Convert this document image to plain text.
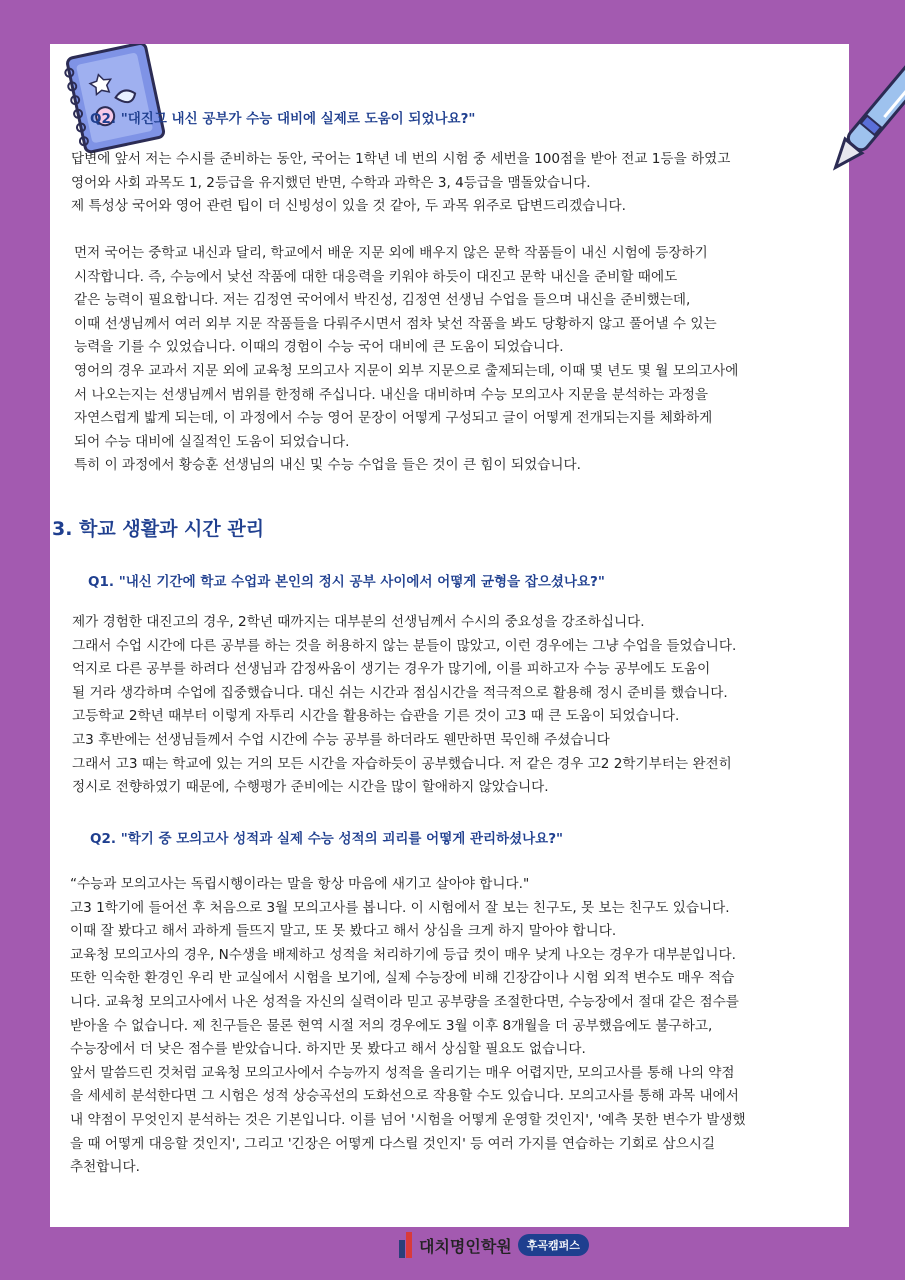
Q2. "대진고 내신 공부가 수능 대비에 실제로 도움이 되었나요?"
답변에 앞서 저는 수시를 준비하는 동안, 국어는 1학년 네 번의 시험 중 세번을 100점을 받아 전교 1등을 하였고
영어와 사회 과목도 1, 2등급을 유지했던 반면, 수학과 과학은 3, 4등급을 맴돌았습니다.
제 특성상 국어와 영어 관련 팁이 더 신빙성이 있을 것 같아, 두 과목 위주로 답변드리겠습니다.
먼저 국어는 중학교 내신과 달리, 학교에서 배운 지문 외에 배우지 않은 문학 작품들이 내신 시험에 등장하기
시작합니다. 즉, 수능에서 낯선 작품에 대한 대응력을 키워야 하듯이 대진고 문학 내신을 준비할 때에도
같은 능력이 필요합니다. 저는 김정연 국어에서 박진성, 김정연 선생님 수업을 들으며 내신을 준비했는데,
이때 선생님께서 여러 외부 지문 작품들을 다뤄주시면서 점차 낯선 작품을 봐도 당황하지 않고 풀어낼 수 있는
능력을 기를 수 있었습니다. 이때의 경험이 수능 국어 대비에 큰 도움이 되었습니다.
영어의 경우 교과서 지문 외에 교육청 모의고사 지문이 외부 지문으로 출제되는데, 이때 몇 년도 몇 월 모의고사에
서 나오는지는 선생님께서 범위를 한정해 주십니다. 내신을 대비하며 수능 모의고사 지문을 분석하는 과정을
자연스럽게 밟게 되는데, 이 과정에서 수능 영어 문장이 어떻게 구성되고 글이 어떻게 전개되는지를 체화하게
되어 수능 대비에 실질적인 도움이 되었습니다.
특히 이 과정에서 황승훈 선생님의 내신 및 수능 수업을 들은 것이 큰 힘이 되었습니다.
3. 학교 생활과 시간 관리
Q1. "내신 기간에 학교 수업과 본인의 정시 공부 사이에서 어떻게 균형을 잡으셨나요?"
제가 경험한 대진고의 경우, 2학년 때까지는 대부분의 선생님께서 수시의 중요성을 강조하십니다.
그래서 수업 시간에 다른 공부를 하는 것을 허용하지 않는 분들이 많았고, 이런 경우에는 그냥 수업을 들었습니다.
억지로 다른 공부를 하려다 선생님과 감정싸움이 생기는 경우가 많기에, 이를 피하고자 수능 공부에도 도움이
될 거라 생각하며 수업에 집중했습니다. 대신 쉬는 시간과 점심시간을 적극적으로 활용해 정시 준비를 했습니다.
고등학교 2학년 때부터 이렇게 자투리 시간을 활용하는 습관을 기른 것이 고3 때 큰 도움이 되었습니다.
고3 후반에는 선생님들께서 수업 시간에 수능 공부를 하더라도 웬만하면 묵인해 주셨습니다
그래서 고3 때는 학교에 있는 거의 모든 시간을 자습하듯이 공부했습니다. 저 같은 경우 고2 2학기부터는 완전히
정시로 전향하였기 때문에, 수행평가 준비에는 시간을 많이 할애하지 않았습니다.
Q2. "학기 중 모의고사 성적과 실제 수능 성적의 괴리를 어떻게 관리하셨나요?"
“수능과 모의고사는 독립시행이라는 말을 항상 마음에 새기고 살아야 합니다."
고3 1학기에 들어선 후 처음으로 3월 모의고사를 봅니다. 이 시험에서 잘 보는 친구도, 못 보는 친구도 있습니다.
이때 잘 봤다고 해서 과하게 들뜨지 말고, 또 못 봤다고 해서 상심을 크게 하지 말아야 합니다.
교육청 모의고사의 경우, N수생을 배제하고 성적을 처리하기에 등급 컷이 매우 낮게 나오는 경우가 대부분입니다.
또한 익숙한 환경인 우리 반 교실에서 시험을 보기에, 실제 수능장에 비해 긴장감이나 시험 외적 변수도 매우 적습
니다. 교육청 모의고사에서 나온 성적을 자신의 실력이라 믿고 공부량을 조절한다면, 수능장에서 절대 같은 점수를
받아올 수 없습니다. 제 친구들은 물론 현역 시절 저의 경우에도 3월 이후 8개월을 더 공부했음에도 불구하고,
수능장에서 더 낮은 점수를 받았습니다. 하지만 못 봤다고 해서 상심할 필요도 없습니다.
앞서 말씀드린 것처럼 교육청 모의고사에서 수능까지 성적을 올리기는 매우 어렵지만, 모의고사를 통해 나의 약점
을 세세히 분석한다면 그 시험은 성적 상승곡선의 도화선으로 작용할 수도 있습니다. 모의고사를 통해 과목 내에서
내 약점이 무엇인지 분석하는 것은 기본입니다. 이를 넘어 '시험을 어떻게 운영할 것인지', '예측 못한 변수가 발생했
을 때 어떻게 대응할 것인지', 그리고 '긴장은 어떻게 다스릴 것인지' 등 여러 가지를 연습하는 기회로 삼으시길
추천합니다.
대치명인학원	후곡캠퍼스
